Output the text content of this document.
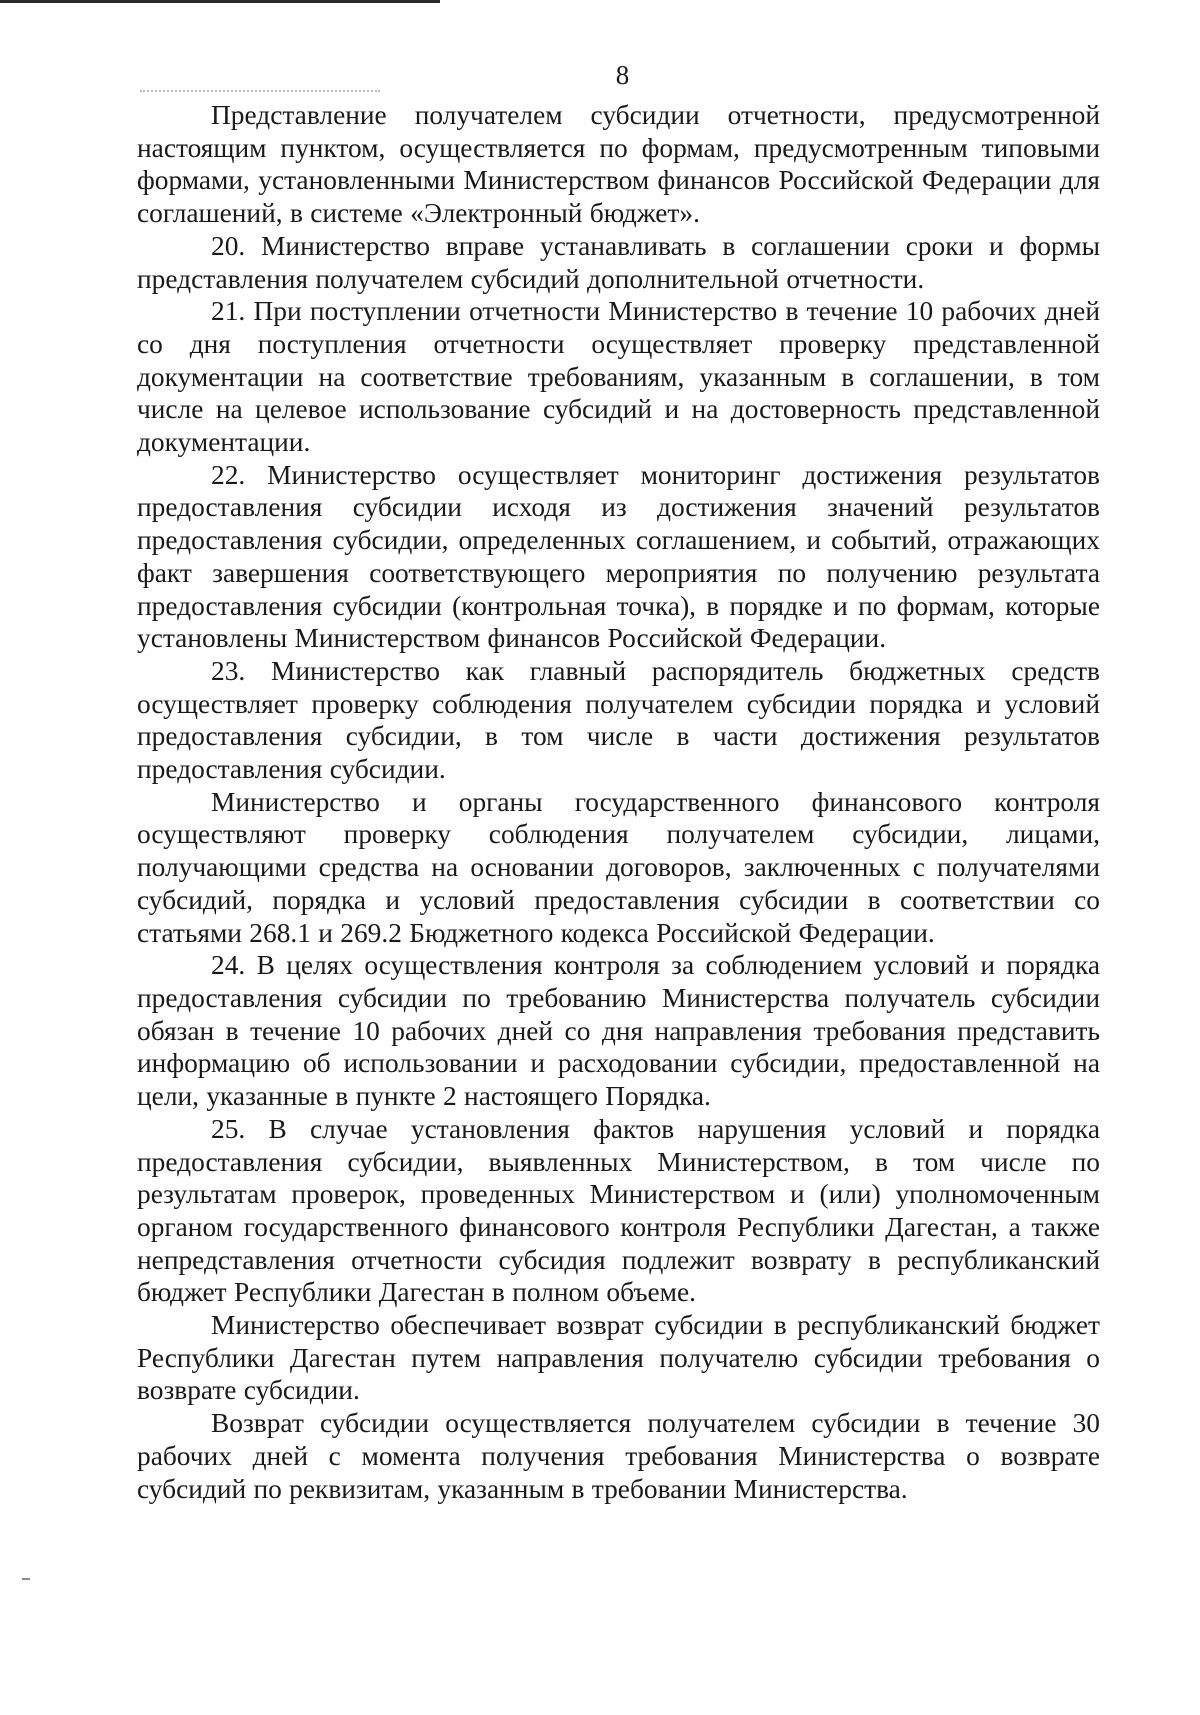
8

Представление получателем субсидии отчетности, предусмотренной настоящим пунктом, осуществляется по формам, предусмотренным типовыми формами, установленными Министерством финансов Российской Федерации для соглашений, в системе «Электронный бюджет».

20. Министерство вправе устанавливать в соглашении сроки и формы представления получателем субсидий дополнительной отчетности.

21. При поступлении отчетности Министерство в течение 10 рабочих дней со дня поступления отчетности осуществляет проверку представленной документации на соответствие требованиям, указанным в соглашении, в том числе на целевое использование субсидий и на достоверность представленной документации.

22. Министерство осуществляет мониторинг достижения результатов предоставления субсидии исходя из достижения значений результатов предоставления субсидии, определенных соглашением, и событий, отражающих факт завершения соответствующего мероприятия по получению результата предоставления субсидии (контрольная точка), в порядке и по формам, которые установлены Министерством финансов Российской Федерации.

23. Министерство как главный распорядитель бюджетных средств осуществляет проверку соблюдения получателем субсидии порядка и условий предоставления субсидии, в том числе в части достижения результатов предоставления субсидии.

Министерство и органы государственного финансового контроля осуществляют проверку соблюдения получателем субсидии, лицами, получающими средства на основании договоров, заключенных с получателями субсидий, порядка и условий предоставления субсидии в соответствии со статьями 268.1 и 269.2 Бюджетного кодекса Российской Федерации.

24. В целях осуществления контроля за соблюдением условий и порядка предоставления субсидии по требованию Министерства получатель субсидии обязан в течение 10 рабочих дней со дня направления требования представить информацию об использовании и расходовании субсидии, предоставленной на цели, указанные в пункте 2 настоящего Порядка.

25. В случае установления фактов нарушения условий и порядка предоставления субсидии, выявленных Министерством, в том числе по результатам проверок, проведенных Министерством и (или) уполномоченным органом государственного финансового контроля Республики Дагестан, а также непредставления отчетности субсидия подлежит возврату в республиканский бюджет Республики Дагестан в полном объеме.

Министерство обеспечивает возврат субсидии в республиканский бюджет Республики Дагестан путем направления получателю субсидии требования о возврате субсидии.

Возврат субсидии осуществляется получателем субсидии в течение 30 рабочих дней с момента получения требования Министерства о возврате субсидий по реквизитам, указанным в требовании Министерства.
